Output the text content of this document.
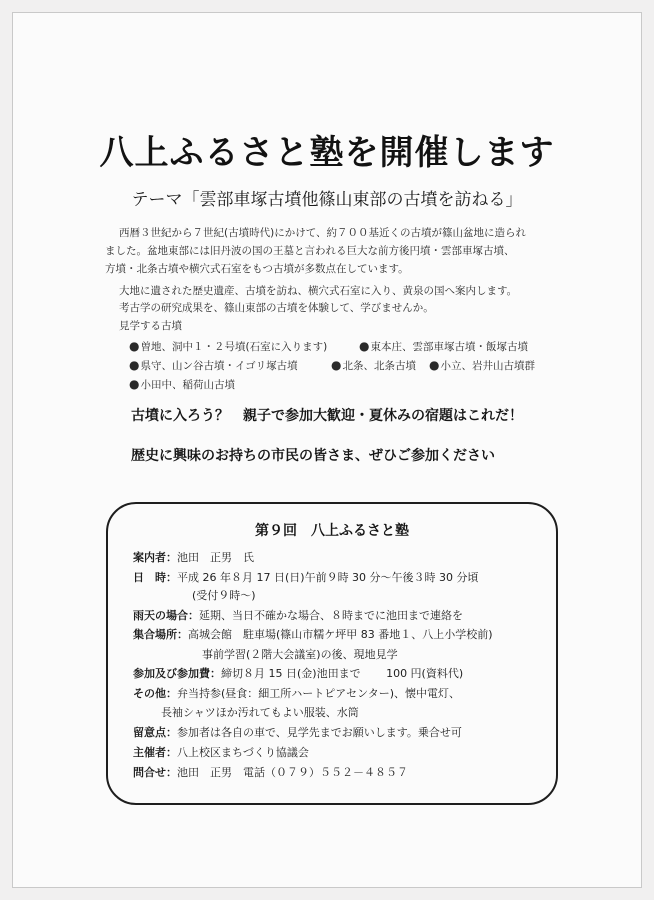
八上ふるさと塾を開催します
テーマ「雲部車塚古墳他篠山東部の古墳を訪ねる」
西暦３世紀から７世紀(古墳時代)にかけて、約７００基近くの古墳が篠山盆地に造られ
ました。盆地東部には旧丹波の国の王墓と言われる巨大な前方後円墳・雲部車塚古墳、
方墳・北条古墳や横穴式石室をもつ古墳が多数点在しています。
大地に遺された歴史遺産、古墳を訪ね、横穴式石室に入り、黄泉の国へ案内します。
考古学の研究成果を、篠山東部の古墳を体験して、学びませんか。
見学する古墳
●曽地、洞中１・２号墳(石室に入ります)	●東本庄、雲部車塚古墳・飯塚古墳
●県守、山ン谷古墳・イゴリ塚古墳	●北条、北条古墳 ●小立、岩井山古墳群
●小田中、稲荷山古墳
古墳に入ろう？　親子で参加大歓迎・夏休みの宿題はこれだ！
歴史に興味のお持ちの市民の皆さま、ぜひご参加ください
第９回　八上ふるさと塾
案内者：池田　正男　氏
日　時：平成 26 年８月 17 日(日)午前９時 30 分～午後３時 30 分頃
(受付９時～)
雨天の場合：延期、当日不確かな場合、８時までに池田まで連絡を
集合場所：高城会館　駐車場(篠山市糯ケ坪甲 83 番地１、八上小学校前)
事前学習(２階大会議室)の後、現地見学
参加及び参加費：締切８月 15 日(金)池田まで　　 100 円(資料代)
その他：弁当持参(昼食：細工所ハートピアセンター)、懐中電灯、
長袖シャツほか汚れてもよい服装、水筒
留意点：参加者は各自の車で、見学先までお願いします。乗合せ可
主催者：八上校区まちづくり協議会
問合せ：池田　正男　電話（０７９）５５２－４８５７
